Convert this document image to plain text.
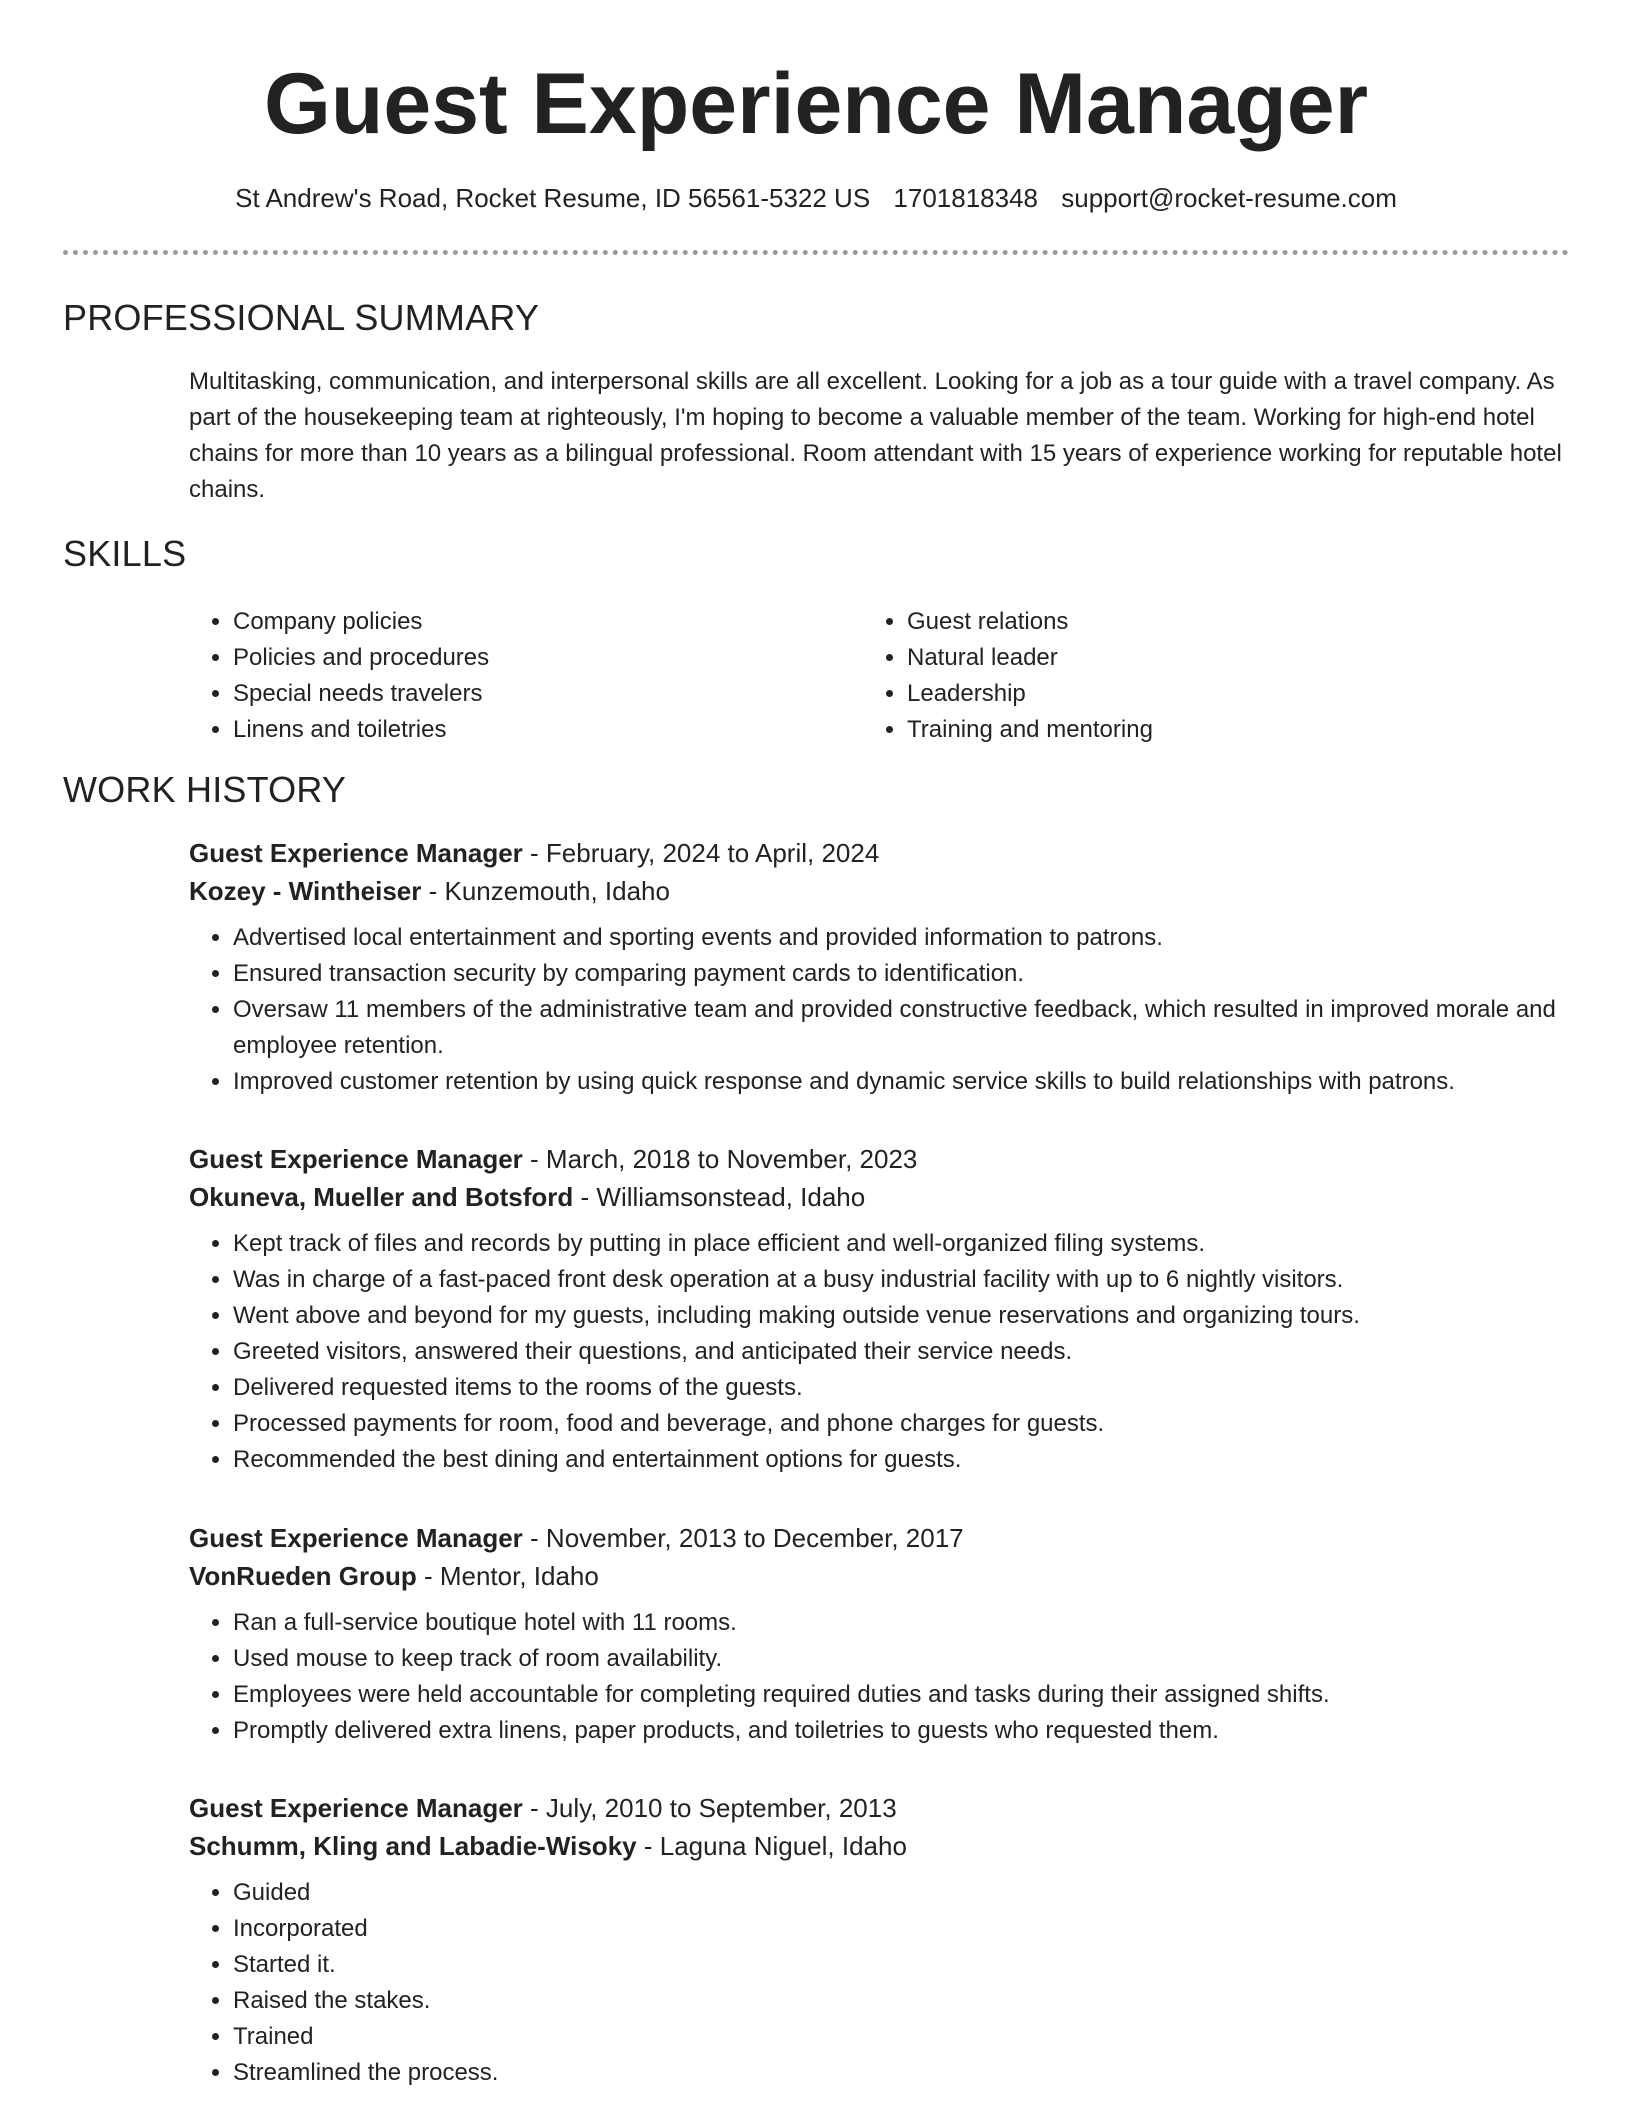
Guest Experience Manager
St Andrew's Road, Rocket Resume, ID 56561-5322 US 1701818348 support@rocket-resume.com
PROFESSIONAL SUMMARY

Multitasking, communication, and interpersonal skills are all excellent. Looking for a job as a tour guide with a travel company. As part of the housekeeping team at righteously, I'm hoping to become a valuable member of the team. Working for high-end hotel chains for more than 10 years as a bilingual professional. Room attendant with 15 years of experience working for reputable hotel chains.

SKILLS
• Company policies
• Policies and procedures
• Special needs travelers
• Linens and toiletries
• Guest relations
• Natural leader
• Leadership
• Training and mentoring
WORK HISTORY

Guest Experience Manager - February, 2024 to April, 2024

Kozey - Wintheiser - Kunzemouth, Idaho

• Advertised local entertainment and sporting events and provided information to patrons.
• Ensured transaction security by comparing payment cards to identification.
• Oversaw 11 members of the administrative team and provided constructive feedback, which resulted in improved morale and employee retention.
• Improved customer retention by using quick response and dynamic service skills to build relationships with patrons.

Guest Experience Manager - March, 2018 to November, 2023

Okuneva, Mueller and Botsford - Williamsonstead, Idaho

• Kept track of files and records by putting in place efficient and well-organized filing systems.
• Was in charge of a fast-paced front desk operation at a busy industrial facility with up to 6 nightly visitors.
• Went above and beyond for my guests, including making outside venue reservations and organizing tours.
• Greeted visitors, answered their questions, and anticipated their service needs.
• Delivered requested items to the rooms of the guests.
• Processed payments for room, food and beverage, and phone charges for guests.
• Recommended the best dining and entertainment options for guests.

Guest Experience Manager - November, 2013 to December, 2017

VonRueden Group - Mentor, Idaho

• Ran a full-service boutique hotel with 11 rooms.
• Used mouse to keep track of room availability.
• Employees were held accountable for completing required duties and tasks during their assigned shifts.
• Promptly delivered extra linens, paper products, and toiletries to guests who requested them.

Guest Experience Manager - July, 2010 to September, 2013

Schumm, Kling and Labadie-Wisoky - Laguna Niguel, Idaho

• Guided
• Incorporated
• Started it.
• Raised the stakes.
• Trained
• Streamlined the process.
